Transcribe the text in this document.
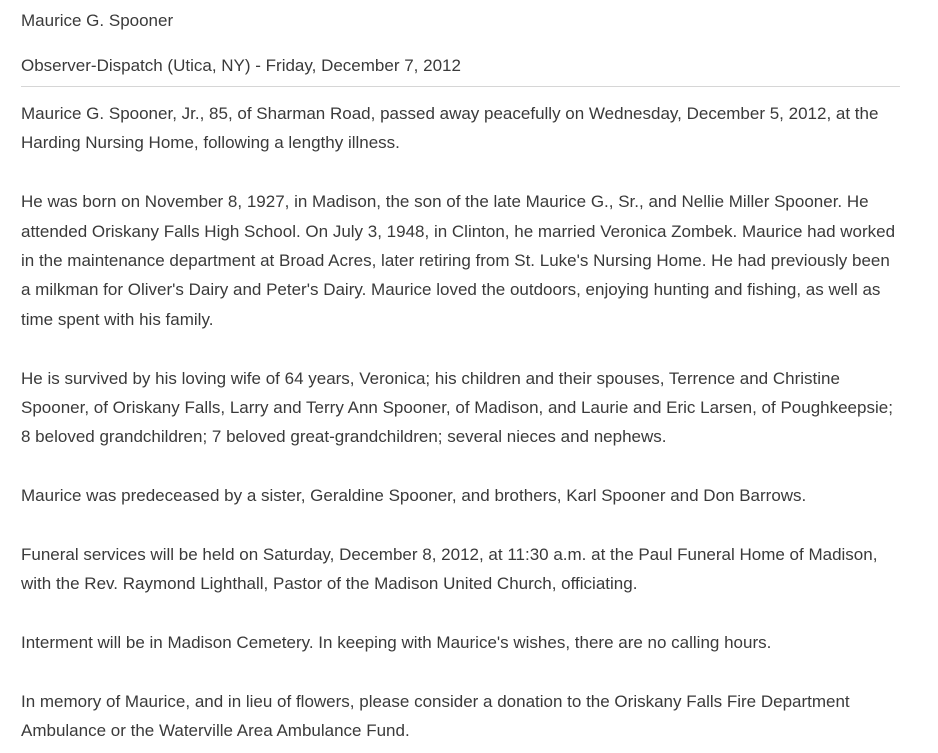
Maurice G. Spooner
Observer-Dispatch (Utica, NY) - Friday, December 7, 2012

Maurice G. Spooner, Jr., 85, of Sharman Road, passed away peacefully on Wednesday, December 5, 2012, at the Harding Nursing Home, following a lengthy illness.

He was born on November 8, 1927, in Madison, the son of the late Maurice G., Sr., and Nellie Miller Spooner. He attended Oriskany Falls High School. On July 3, 1948, in Clinton, he married Veronica Zombek. Maurice had worked in the maintenance department at Broad Acres, later retiring from St. Luke's Nursing Home. He had previously been a milkman for Oliver's Dairy and Peter's Dairy. Maurice loved the outdoors, enjoying hunting and fishing, as well as time spent with his family.

He is survived by his loving wife of 64 years, Veronica; his children and their spouses, Terrence and Christine Spooner, of Oriskany Falls, Larry and Terry Ann Spooner, of Madison, and Laurie and Eric Larsen, of Poughkeepsie; 8 beloved grandchildren; 7 beloved great-grandchildren; several nieces and nephews.

Maurice was predeceased by a sister, Geraldine Spooner, and brothers, Karl Spooner and Don Barrows.

Funeral services will be held on Saturday, December 8, 2012, at 11:30 a.m. at the Paul Funeral Home of Madison, with the Rev. Raymond Lighthall, Pastor of the Madison United Church, officiating.

Interment will be in Madison Cemetery. In keeping with Maurice's wishes, there are no calling hours.

In memory of Maurice, and in lieu of flowers, please consider a donation to the Oriskany Falls Fire Department Ambulance or the Waterville Area Ambulance Fund.
